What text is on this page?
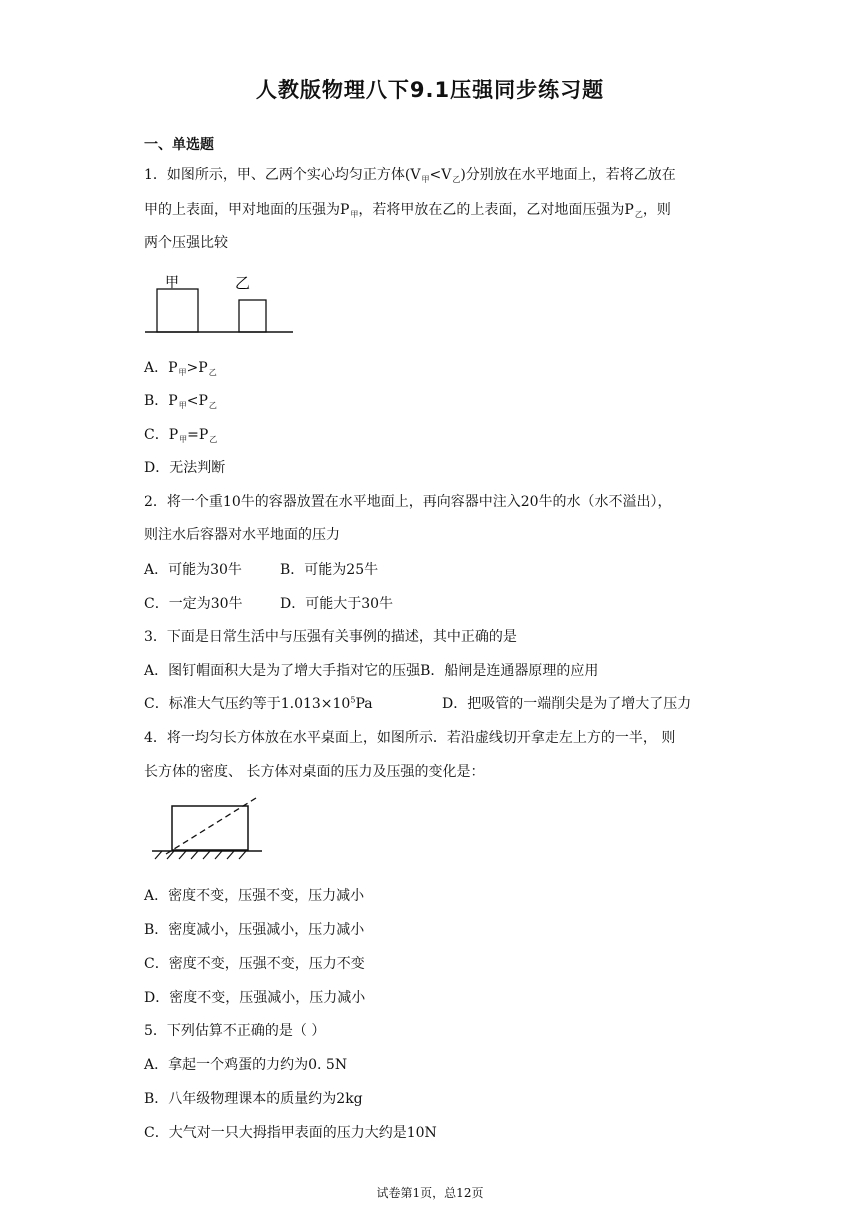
人教版物理八下9.1压强同步练习题
一、单选题
1．如图所示，甲、乙两个实心均匀正方体$(V_甲<V_乙)$分别放在水平地面上，若将乙放在
甲的上表面，甲对地面的压强为$P_甲$，若将甲放在乙的上表面，乙对地面压强为$P_乙$，则
两个压强比较
甲	乙
A．$P_甲>P_乙$
B．$P_甲<P_乙$
C．$P_甲=P_乙$
D．无法判断
2．将一个重10牛的容器放置在水平地面上，再向容器中注入20牛的水（水不溢出），
则注水后容器对水平地面的压力
A．可能为30牛	B．可能为25牛
C．一定为30牛	D．可能大于30牛
3．下面是日常生活中与压强有关事例的描述，其中正确的是
A．图钉帽面积大是为了增大手指对它的压强B．船闸是连通器原理的应用
C．标准大气压约等于$1.013\times 10^5Pa$	D．把吸管的一端削尖是为了增大了压力
4．将一均匀长方体放在水平桌面上，如图所示．若沿虚线切开拿走左上方的一半， 则
长方体的密度、 长方体对桌面的压力及压强的变化是：
A．密度不变，压强不变，压力减小
B．密度减小，压强减小，压力减小
C．密度不变，压强不变，压力不变
D．密度不变，压强减小，压力减小
5．下列估算不正确的是（ ）
A．拿起一个鸡蛋的力约为0. 5N
B．八年级物理课本的质量约为2kg
C．大气对一只大拇指甲表面的压力大约是10N
试卷第1页，总12页
